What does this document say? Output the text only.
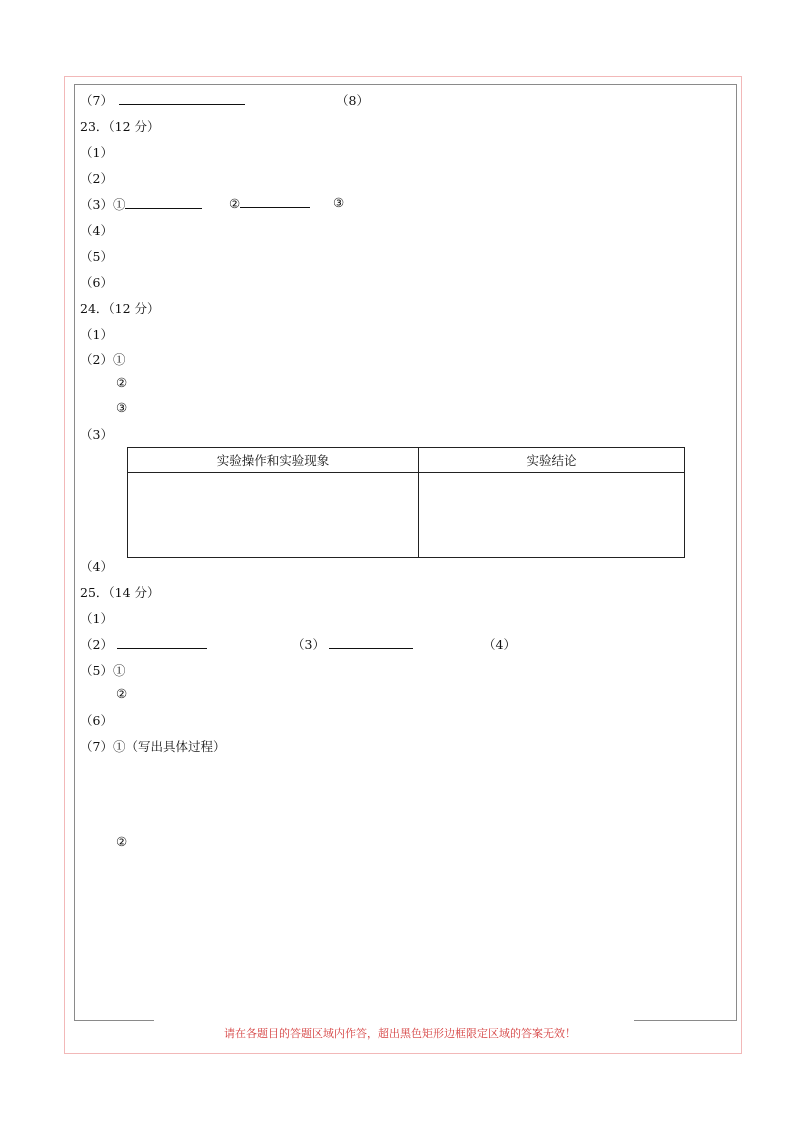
（7）	（8）
23．（12 分）
（1）
（2）
（3）①	②	③
（4）
（5）
（6）
24．（12 分）
（1）
（2）①
②
③
（3）
实验操作和实验现象	实验结论

（4）
25．（14 分）
（1）
（2）	（3）	（4）
（5）①
②
（6）
（7）①（写出具体过程）
②
请在各题目的答题区域内作答，超出黑色矩形边框限定区域的答案无效！
